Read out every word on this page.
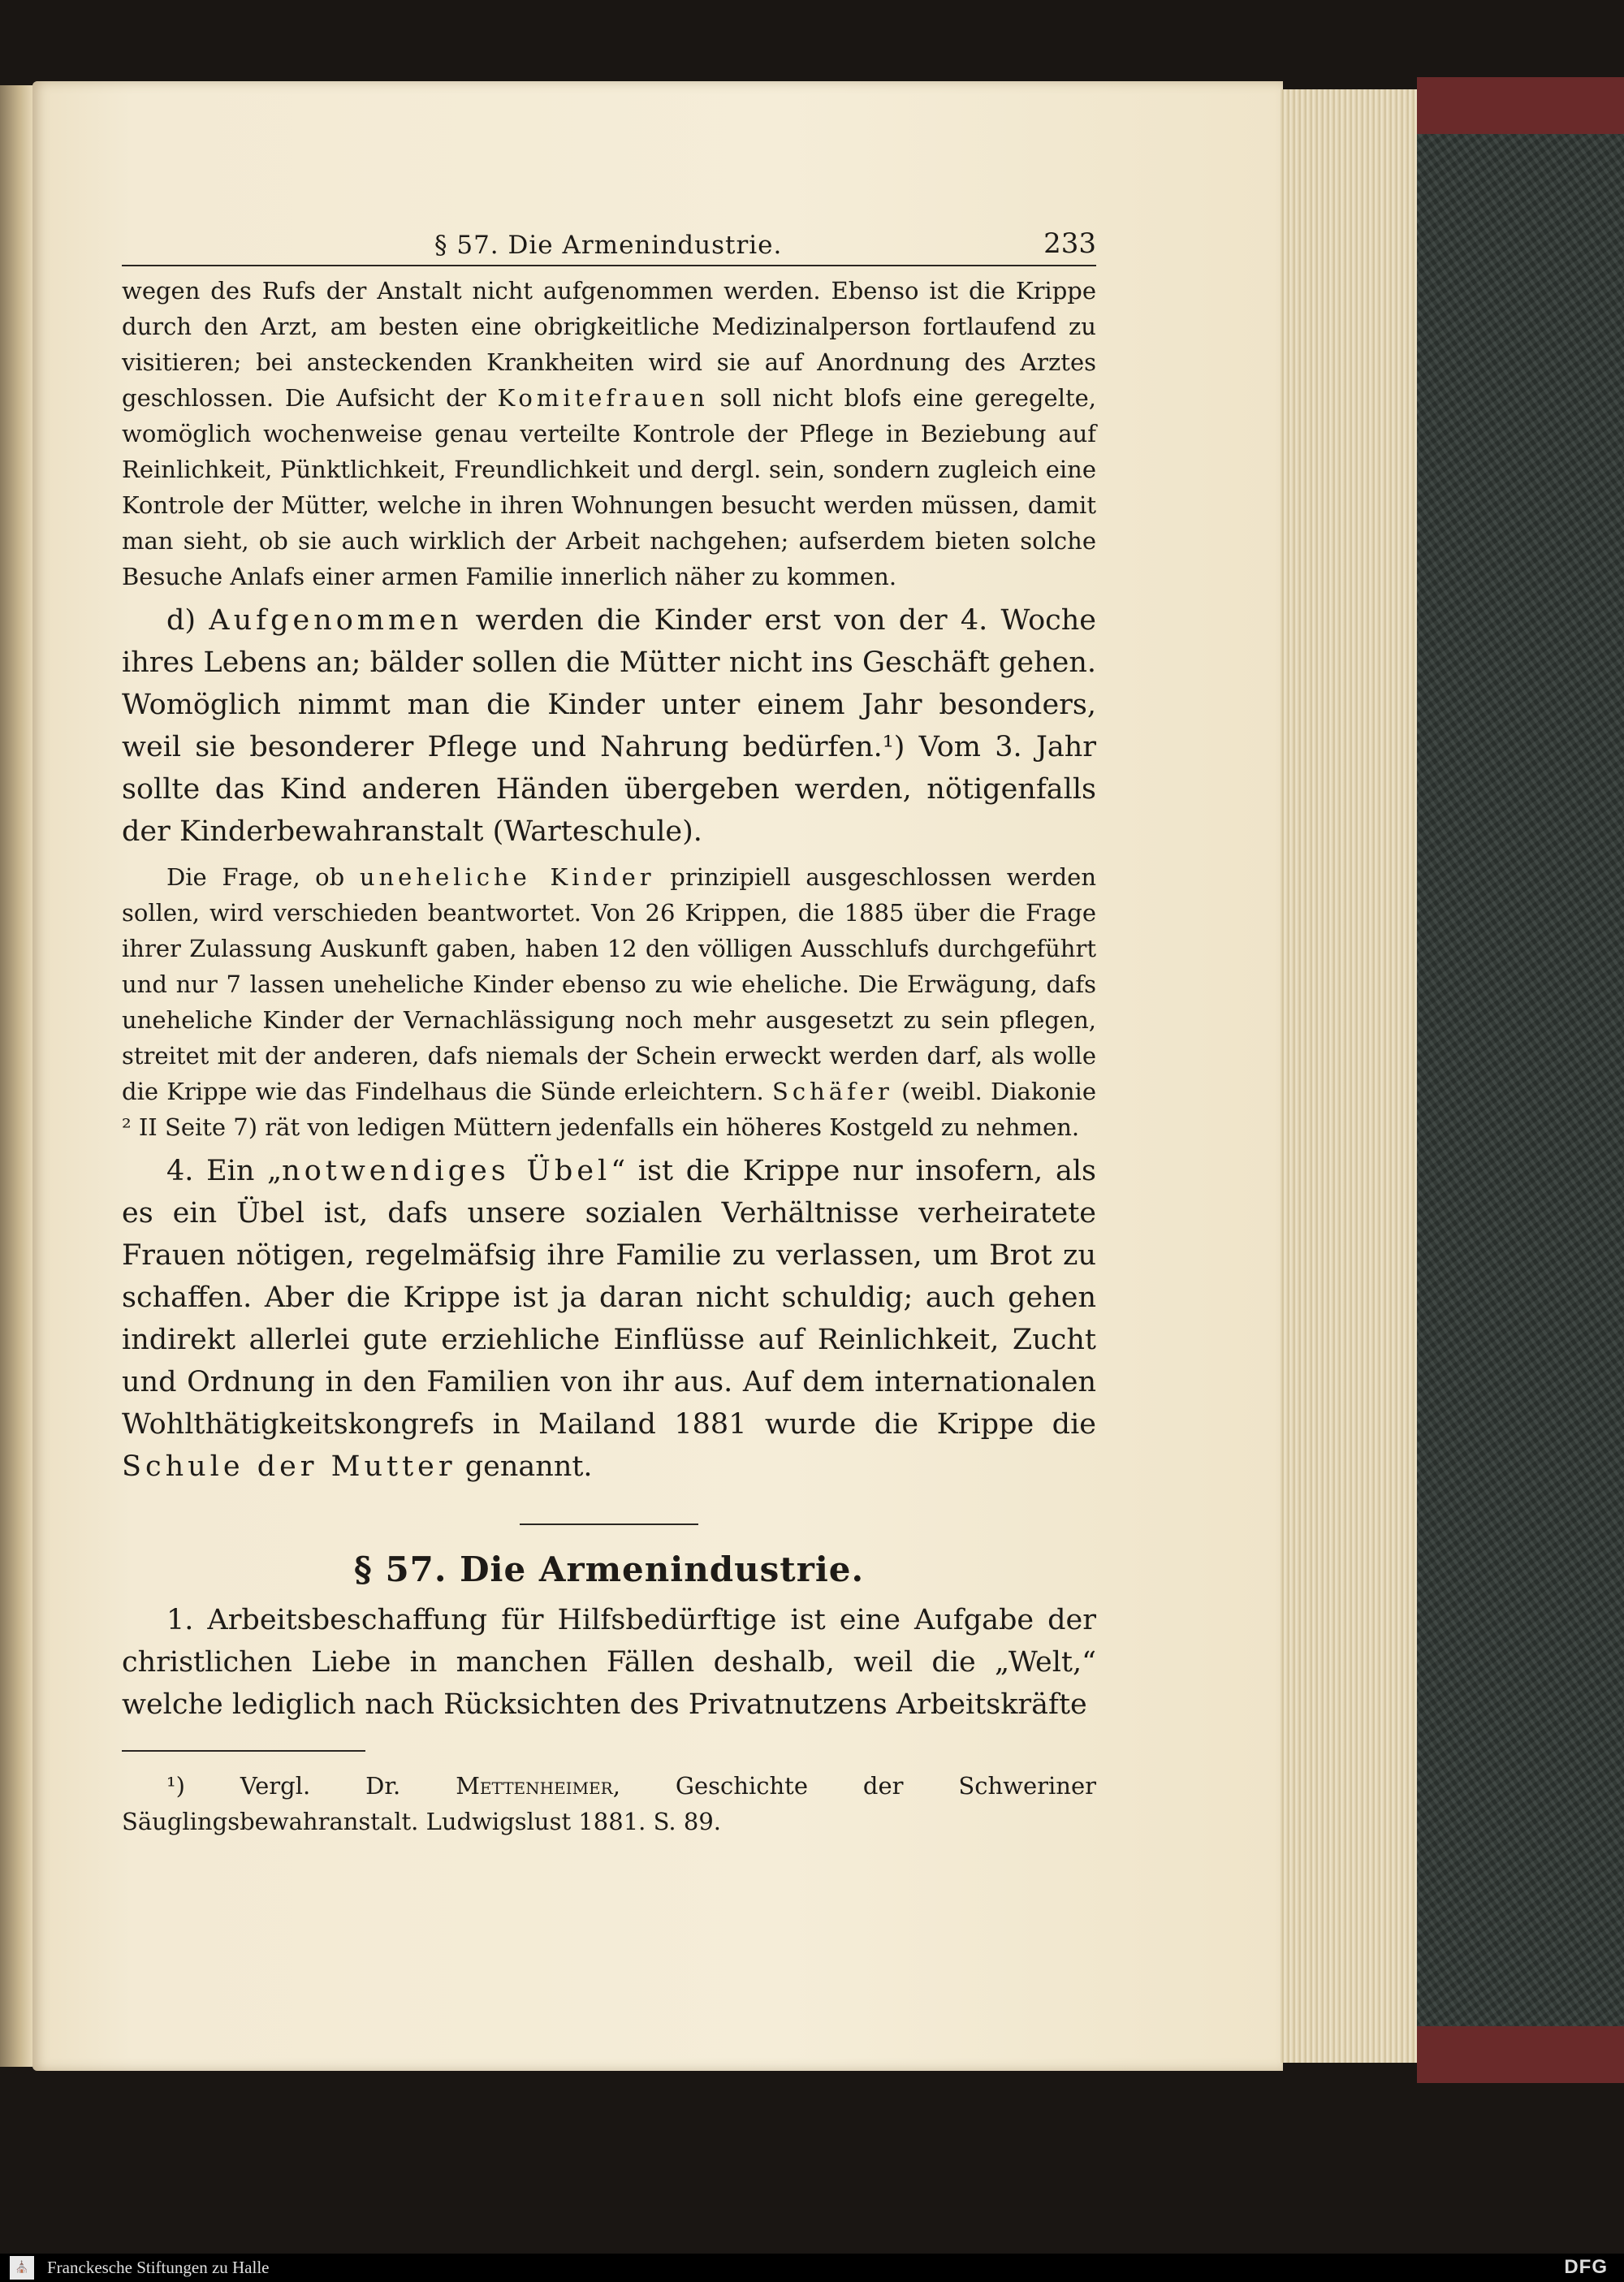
§ 57. Die Armenindustrie.	233

wegen des Rufs der Anstalt nicht aufgenommen werden. Ebenso ist die Krippe durch den Arzt, am besten eine obrigkeitliche Medizinalperson fortlaufend zu visitieren; bei ansteckenden Krankheiten wird sie auf Anordnung des Arztes geschlossen. Die Aufsicht der Komitefrauen soll nicht blofs eine geregelte, womöglich wochenweise genau verteilte Kontrole der Pflege in Beziebung auf Reinlichkeit, Pünktlichkeit, Freundlichkeit und dergl. sein, sondern zugleich eine Kontrole der Mütter, welche in ihren Wohnungen besucht werden müssen, damit man sieht, ob sie auch wirklich der Arbeit nachgehen; aufserdem bieten solche Besuche Anlafs einer armen Familie innerlich näher zu kommen.

d) Aufgenommen werden die Kinder erst von der 4. Woche ihres Lebens an; bälder sollen die Mütter nicht ins Geschäft gehen. Womöglich nimmt man die Kinder unter einem Jahr besonders, weil sie besonderer Pflege und Nahrung bedürfen.¹) Vom 3. Jahr sollte das Kind anderen Händen übergeben werden, nötigenfalls der Kinderbewahranstalt (Warteschule).

Die Frage, ob uneheliche Kinder prinzipiell ausgeschlossen werden sollen, wird verschieden beantwortet. Von 26 Krippen, die 1885 über die Frage ihrer Zulassung Auskunft gaben, haben 12 den völligen Ausschlufs durchgeführt und nur 7 lassen uneheliche Kinder ebenso zu wie eheliche. Die Erwägung, dafs uneheliche Kinder der Vernachlässigung noch mehr ausgesetzt zu sein pflegen, streitet mit der anderen, dafs niemals der Schein erweckt werden darf, als wolle die Krippe wie das Findelhaus die Sünde erleichtern. Schäfer (weibl. Diakonie ² II Seite 7) rät von ledigen Müttern jedenfalls ein höheres Kostgeld zu nehmen.

4. Ein „notwendiges Übel“ ist die Krippe nur insofern, als es ein Übel ist, dafs unsere sozialen Verhältnisse verheiratete Frauen nötigen, regelmäfsig ihre Familie zu verlassen, um Brot zu schaffen. Aber die Krippe ist ja daran nicht schuldig; auch gehen indirekt allerlei gute erziehliche Einflüsse auf Reinlichkeit, Zucht und Ordnung in den Familien von ihr aus. Auf dem internationalen Wohlthätigkeitskongrefs in Mailand 1881 wurde die Krippe die Schule der Mutter genannt.

§ 57. Die Armenindustrie.

1. Arbeitsbeschaffung für Hilfsbedürftige ist eine Aufgabe der christlichen Liebe in manchen Fällen deshalb, weil die „Welt,“ welche lediglich nach Rücksichten des Privatnutzens Arbeitskräfte

¹) Vergl. Dr. Mettenheimer, Geschichte der Schweriner Säuglingsbewahranstalt. Ludwigslust 1881. S. 89.

⛪ Franckesche Stiftungen zu Halle	DFG
